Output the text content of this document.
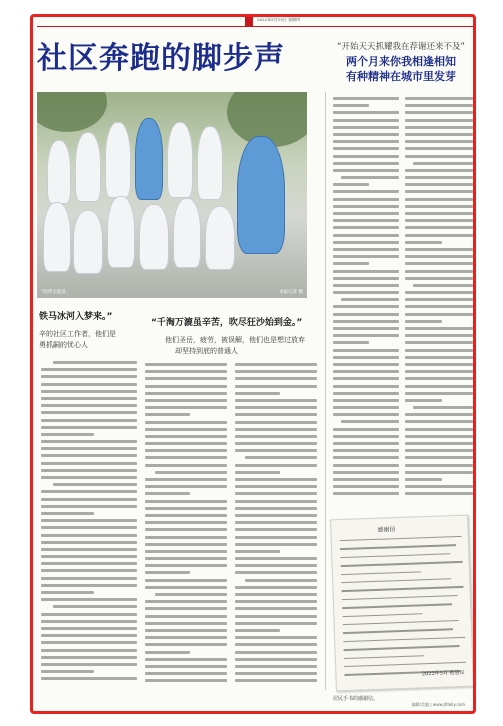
2022年5月19日 星期四
社区奔跑的脚步声	“开始天天抓耀我在荐谢还来不及”
两个月来你我相逢相知
有种精神在城市里发芽
“陪伴志愿者。	本报记者 摄
铁马冰河入梦来。”
辛的社区工作者，他们是
勇抓嗣的忧心人
“千淘万漉虽辛苦，吹尽狂沙始到金。”
他们圣岳，疲劳，被误解，他们也是想过放弃
却坚持到底的普通人
感谢信
2022年5月 致居民
居民手书的感谢信。
编辑/美编 | www.jfdaily.com
